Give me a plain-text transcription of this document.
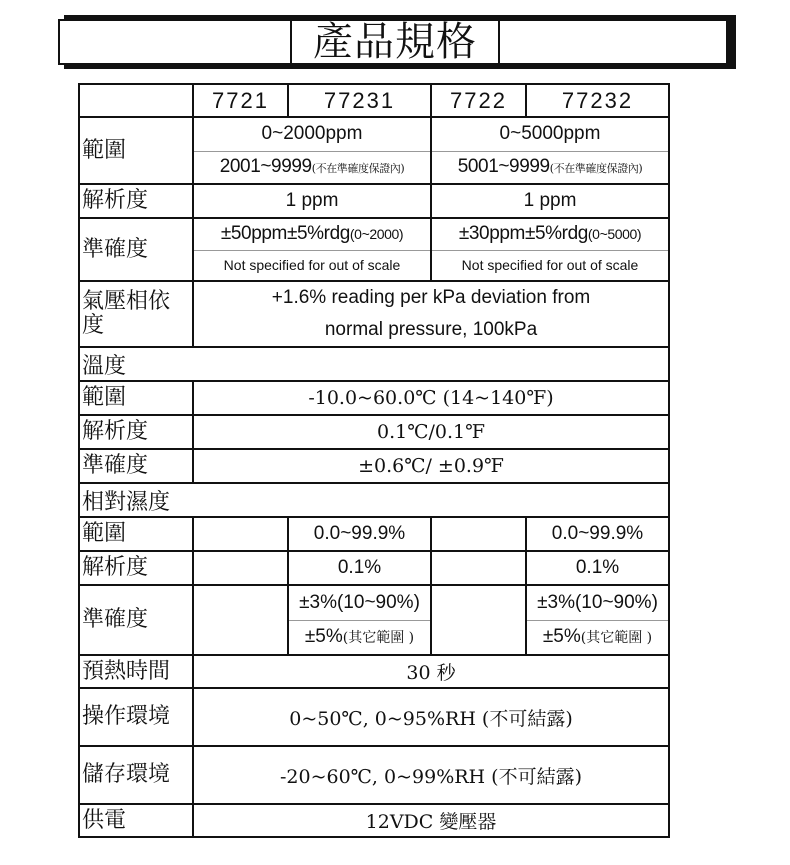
產品規格
	7721	77231	7722	77232
範圍	0~2000ppm		0~5000ppm	
	2001~9999(不在準確度保證內)		5001~9999(不在準確度保證內)	
解析度	1 ppm		1 ppm	
準確度	±50ppm±5%rdg(0~2000)		±30ppm±5%rdg(0~5000)	
	Not specified for out of scale		Not specified for out of scale	
氣壓相依度	+1.6% reading per kPa deviation from
normal pressure, 100kPa			

溫度				
範圍	-10.0~60.0℃ (14~140℉)			
解析度	0.1℃/0.1℉			
準確度	±0.6℃/ ±0.9℉			
相對濕度				
範圍		0.0~99.9%		0.0~99.9%
解析度		0.1%		0.1%
準確度		±3%(10~90%)		±3%(10~90%)
		±5%(其它範圍 )		±5%(其它範圍 )
預熱時間	30 秒			
操作環境	0~50℃, 0~95%RH (不可結露)			
儲存環境	-20~60℃, 0~99%RH (不可結露)			
供電	12VDC 變壓器			
